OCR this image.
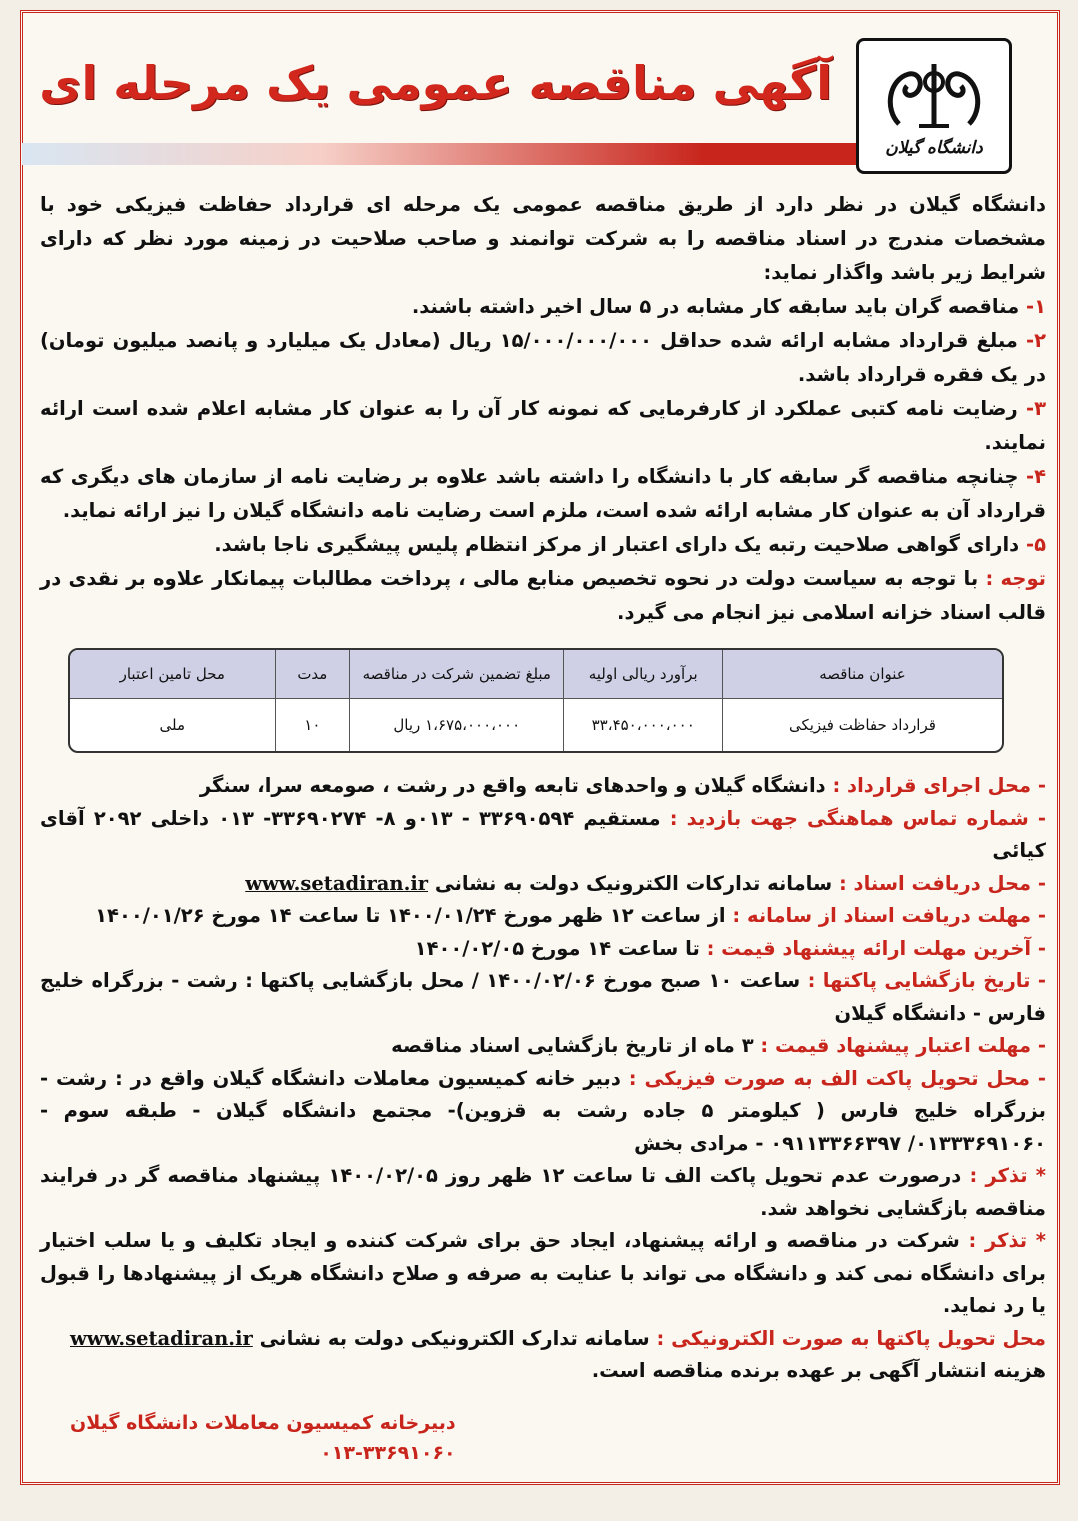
آگهی مناقصه عمومی یک مرحله ای
دانشگاه گیلان

دانشگاه گیلان در نظر دارد از طریق مناقصه عمومی یک مرحله ای قرارداد حفاظت فیزیکی خود با مشخصات مندرج در اسناد مناقصه را به شرکت توانمند و صاحب صلاحیت در زمینه مورد نظر که دارای شرایط زیر باشد واگذار نماید:

۱- مناقصه گران باید سابقه کار مشابه در ۵ سال اخیر داشته باشند.

۲- مبلغ قرارداد مشابه ارائه شده حداقل ۱۵/۰۰۰/۰۰۰/۰۰۰ ریال (معادل یک میلیارد و پانصد میلیون تومان) در یک فقره قرارداد باشد.

۳- رضایت نامه کتبی عملکرد از کارفرمایی که نمونه کار آن را به عنوان کار مشابه اعلام شده است ارائه نمایند.

۴- چنانچه مناقصه گر سابقه کار با دانشگاه را داشته باشد علاوه بر رضایت نامه از سازمان های دیگری که قرارداد آن به عنوان کار مشابه ارائه شده است، ملزم است رضایت نامه دانشگاه گیلان را نیز ارائه نماید.

۵- دارای گواهی صلاحیت رتبه یک دارای اعتبار از مرکز انتظام پلیس پیشگیری ناجا باشد.

توجه : با توجه به سیاست دولت در نحوه تخصیص منابع مالی ، پرداخت مطالبات پیمانکار علاوه بر نقدی در قالب اسناد خزانه اسلامی نیز انجام می گیرد.

عنوان مناقصه	برآورد ریالی اولیه	مبلغ تضمین شرکت در مناقصه	مدت	محل تامین اعتبار
قرارداد حفاظت فیزیکی	۳۳،۴۵۰،۰۰۰،۰۰۰	۱،۶۷۵،۰۰۰،۰۰۰ ریال	۱۰	ملی

- محل اجرای قرارداد : دانشگاه گیلان و واحدهای تابعه واقع در رشت ، صومعه سرا، سنگر

- شماره تماس هماهنگی جهت بازدید : مستقیم ۳۳۶۹۰۵۹۴ - ۰۱۳و ۸- ۳۳۶۹۰۲۷۴- ۰۱۳ داخلی ۲۰۹۲ آقای کیائی

- محل دریافت اسناد : سامانه تدارکات الکترونیک دولت به نشانی www.setadiran.ir

- مهلت دریافت اسناد از سامانه : از ساعت ۱۲ ظهر مورخ ۱۴۰۰/۰۱/۲۴ تا ساعت ۱۴ مورخ ۱۴۰۰/۰۱/۲۶

- آخرین مهلت ارائه پیشنهاد قیمت : تا ساعت ۱۴ مورخ ۱۴۰۰/۰۲/۰۵

- تاریخ بازگشایی پاکتها : ساعت ۱۰ صبح مورخ ۱۴۰۰/۰۲/۰۶ / محل بازگشایی پاکتها : رشت - بزرگراه خلیج فارس - دانشگاه گیلان

- مهلت اعتبار پیشنهاد قیمت : ۳ ماه از تاریخ بازگشایی اسناد مناقصه

- محل تحویل پاکت الف به صورت فیزیکی : دبیر خانه کمیسیون معاملات دانشگاه گیلان واقع در : رشت - بزرگراه خلیج فارس ( کیلومتر ۵ جاده رشت به قزوین)- مجتمع دانشگاه گیلان - طبقه سوم - ۰۱۳۳۳۶۹۱۰۶۰/ ۰۹۱۱۳۳۶۶۳۹۷ - مرادی بخش

* تذکر : درصورت عدم تحویل پاکت الف تا ساعت ۱۲ ظهر روز ۱۴۰۰/۰۲/۰۵ پیشنهاد مناقصه گر در فرایند مناقصه بازگشایی نخواهد شد.

* تذکر : شرکت در مناقصه و ارائه پیشنهاد، ایجاد حق برای شرکت کننده و ایجاد تکلیف و یا سلب اختیار برای دانشگاه نمی کند و دانشگاه می تواند با عنایت به صرفه و صلاح دانشگاه هریک از پیشنهادها را قبول یا رد نماید.

محل تحویل پاکتها به صورت الکترونیکی : سامانه تدارک الکترونیکی دولت به نشانی www.setadiran.ir

هزینه انتشار آگهی بر عهده برنده مناقصه است.

دبیرخانه کمیسیون معاملات دانشگاه گیلان
۰۱۳-۳۳۶۹۱۰۶۰
